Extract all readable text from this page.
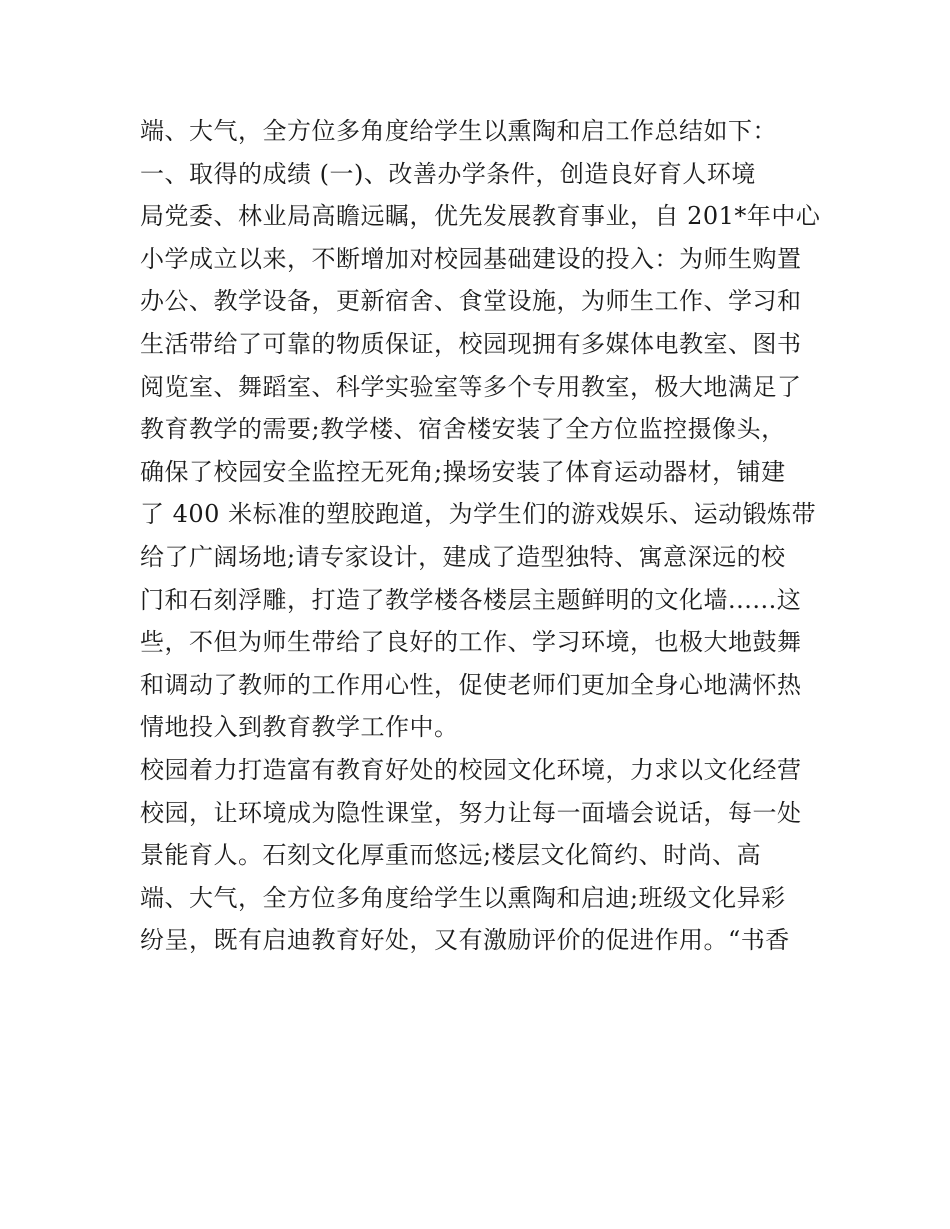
端、大气，全方位多角度给学生以熏陶和启工作总结如下：
一、取得的成绩 (一)、改善办学条件，创造良好育人环境
局党委、林业局高瞻远瞩，优先发展教育事业，自 201*年中心
小学成立以来，不断增加对校园基础建设的投入：为师生购置
办公、教学设备，更新宿舍、食堂设施，为师生工作、学习和
生活带给了可靠的物质保证，校园现拥有多媒体电教室、图书
阅览室、舞蹈室、科学实验室等多个专用教室，极大地满足了
教育教学的需要;教学楼、宿舍楼安装了全方位监控摄像头，
确保了校园安全监控无死角;操场安装了体育运动器材，铺建
了 400 米标准的塑胶跑道，为学生们的游戏娱乐、运动锻炼带
给了广阔场地;请专家设计，建成了造型独特、寓意深远的校
门和石刻浮雕，打造了教学楼各楼层主题鲜明的文化墙......这
些，不但为师生带给了良好的工作、学习环境，也极大地鼓舞
和调动了教师的工作用心性，促使老师们更加全身心地满怀热
情地投入到教育教学工作中。
校园着力打造富有教育好处的校园文化环境，力求以文化经营
校园，让环境成为隐性课堂，努力让每一面墙会说话，每一处
景能育人。石刻文化厚重而悠远;楼层文化简约、时尚、高
端、大气，全方位多角度给学生以熏陶和启迪;班级文化异彩
纷呈，既有启迪教育好处，又有激励评价的促进作用。“书香
